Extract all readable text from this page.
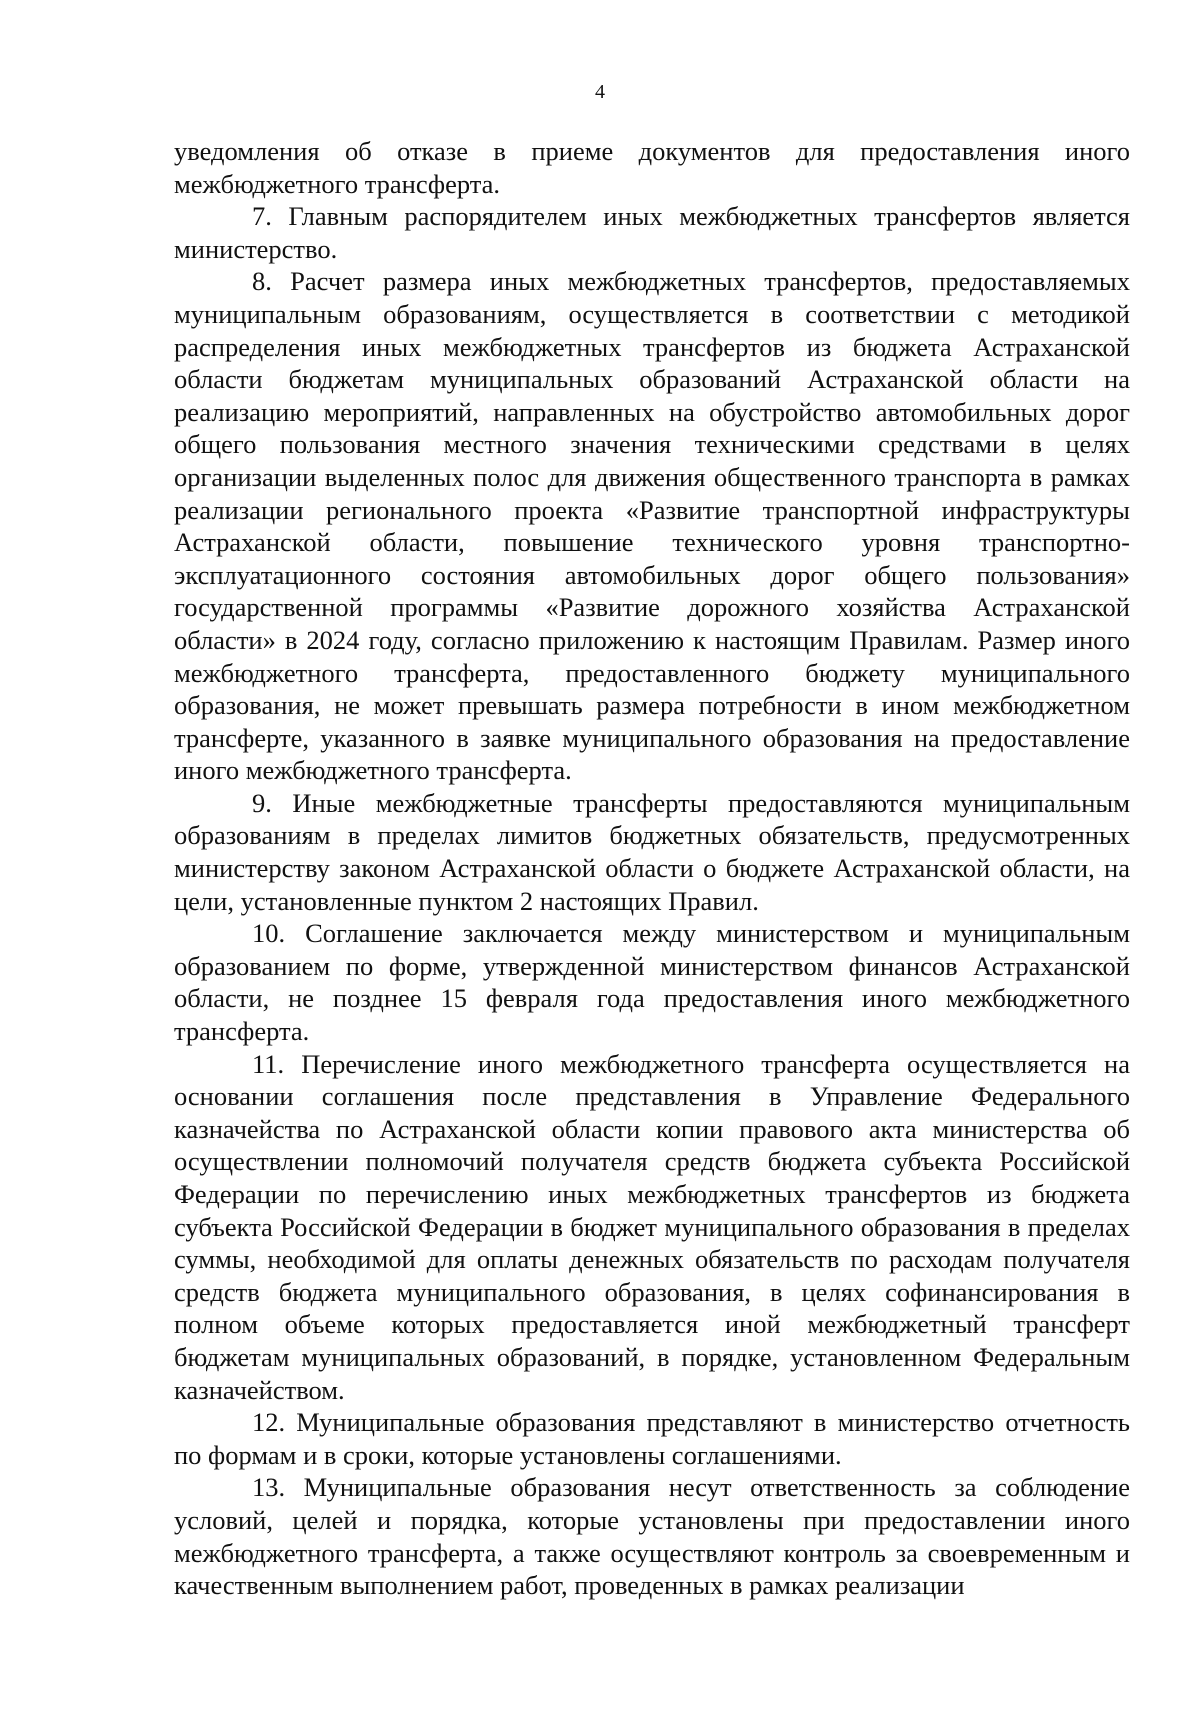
4

уведомления об отказе в приеме документов для предоставления иного межбюджетного трансферта.

7. Главным распорядителем иных межбюджетных трансфертов является министерство.

8. Расчет размера иных межбюджетных трансфертов, предоставляемых муниципальным образованиям, осуществляется в соответствии с методикой распределения иных межбюджетных трансфертов из бюджета Астраханской области бюджетам муниципальных образований Астраханской области на реализацию мероприятий, направленных на обустройство автомобильных дорог общего пользования местного значения техническими средствами в целях организации выделенных полос для движения общественного транспорта в рамках реализации регионального проекта «Развитие транспортной инфраструктуры Астраханской области, повышение технического уровня транспортно-эксплуатационного состояния автомобильных дорог общего пользования» государственной программы «Развитие дорожного хозяйства Астраханской области» в 2024 году, согласно приложению к настоящим Правилам. Размер иного межбюджетного трансферта, предоставленного бюджету муниципального образования, не может превышать размера потребности в ином межбюджетном трансферте, указанного в заявке муниципального образования на предоставление иного межбюджетного трансферта.

9. Иные межбюджетные трансферты предоставляются муниципальным образованиям в пределах лимитов бюджетных обязательств, предусмотренных министерству законом Астраханской области о бюджете Астраханской области, на цели, установленные пунктом 2 настоящих Правил.

10. Соглашение заключается между министерством и муниципальным образованием по форме, утвержденной министерством финансов Астраханской области, не позднее 15 февраля года предоставления иного межбюджетного трансферта.

11. Перечисление иного межбюджетного трансферта осуществляется на основании соглашения после представления в Управление Федерального казначейства по Астраханской области копии правового акта министерства об осуществлении полномочий получателя средств бюджета субъекта Российской Федерации по перечислению иных межбюджетных трансфертов из бюджета субъекта Российской Федерации в бюджет муниципального образования в пределах суммы, необходимой для оплаты денежных обязательств по расходам получателя средств бюджета муниципального образования, в целях софинансирования в полном объеме которых предоставляется иной межбюджетный трансферт бюджетам муниципальных образований, в порядке, установленном Федеральным казначейством.

12. Муниципальные образования представляют в министерство отчетность по формам и в сроки, которые установлены соглашениями.

13. Муниципальные образования несут ответственность за соблюдение условий, целей и порядка, которые установлены при предоставлении иного межбюджетного трансферта, а также осуществляют контроль за своевременным и качественным выполнением работ, проведенных в рамках реализации
